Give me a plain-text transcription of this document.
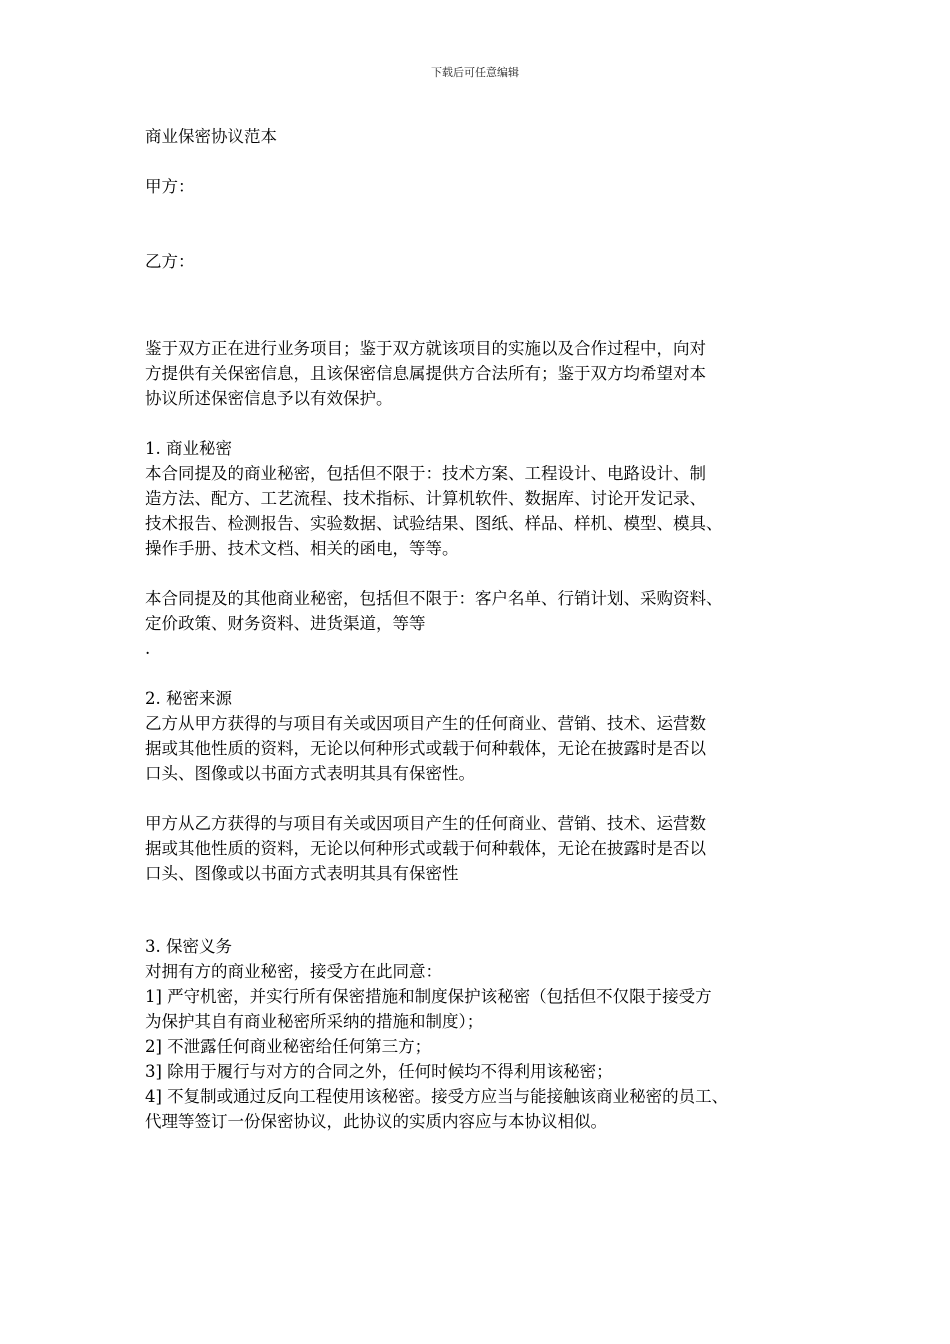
下载后可任意编辑

商业保密协议范本

甲方：

乙方：

鉴于双方正在进行业务项目；鉴于双方就该项目的实施以及合作过程中，向对

方提供有关保密信息，且该保密信息属提供方合法所有；鉴于双方均希望对本

协议所述保密信息予以有效保护。

1. 商业秘密

本合同提及的商业秘密，包括但不限于：技术方案、工程设计、电路设计、制

造方法、配方、工艺流程、技术指标、计算机软件、数据库、讨论开发记录、

技术报告、检测报告、实验数据、试验结果、图纸、样品、样机、模型、模具、

操作手册、技术文档、相关的函电，等等。

本合同提及的其他商业秘密，包括但不限于：客户名单、行销计划、采购资料、

定价政策、财务资料、进货渠道，等等

.

2. 秘密来源

乙方从甲方获得的与项目有关或因项目产生的任何商业、营销、技术、运营数

据或其他性质的资料，无论以何种形式或载于何种载体，无论在披露时是否以

口头、图像或以书面方式表明其具有保密性。

甲方从乙方获得的与项目有关或因项目产生的任何商业、营销、技术、运营数

据或其他性质的资料，无论以何种形式或载于何种载体，无论在披露时是否以

口头、图像或以书面方式表明其具有保密性

3. 保密义务

对拥有方的商业秘密，接受方在此同意：

1] 严守机密，并实行所有保密措施和制度保护该秘密（包括但不仅限于接受方

为保护其自有商业秘密所采纳的措施和制度）；

2] 不泄露任何商业秘密给任何第三方；

3] 除用于履行与对方的合同之外，任何时候均不得利用该秘密；

4] 不复制或通过反向工程使用该秘密。接受方应当与能接触该商业秘密的员工、

代理等签订一份保密协议，此协议的实质内容应与本协议相似。
